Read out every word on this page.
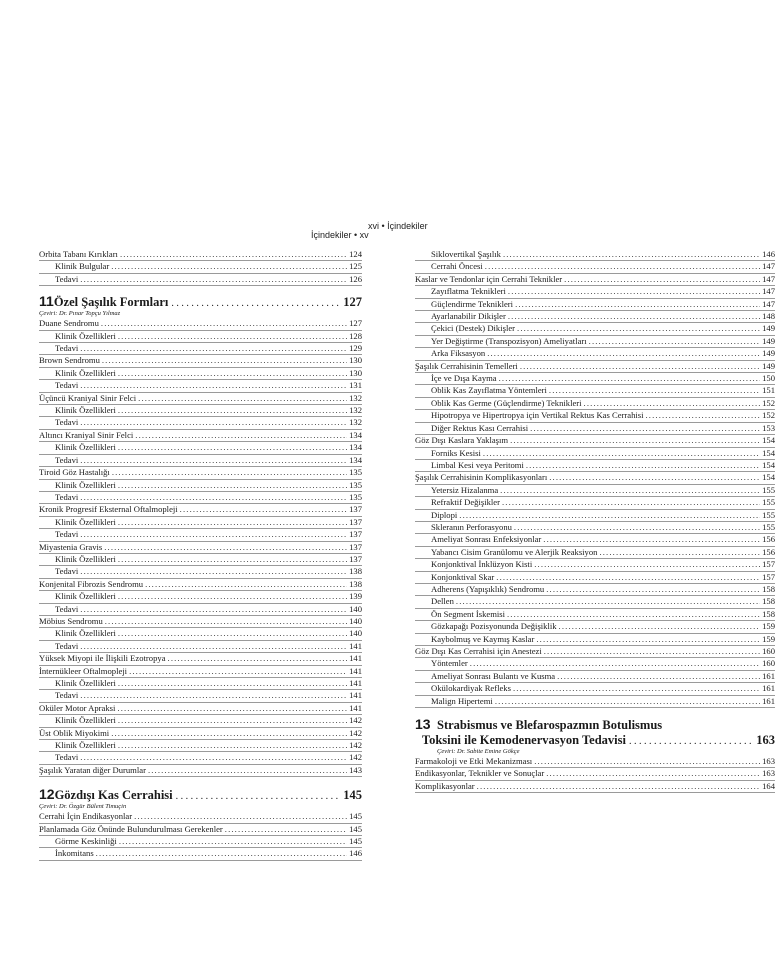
xvi • İçindekiler
İçindekiler • xv
Orbita Tabanı Kırıkları . . .	124
Klinik Bulgular . . .	125
Tedavi . . .	126
11 Özel Şaşılık Formları . . .	127
Çeviri: Dr. Pınar Topçu Yılmaz
Duane Sendromu . . .	127
Klinik Özellikleri . . .	128
Tedavi . . .	129
Brown Sendromu . . .	130
Klinik Özellikleri . . .	130
Tedavi . . .	131
Üçüncü Kraniyal Sinir Felci . . .	132
Klinik Özellikleri . . .	132
Tedavi . . .	132
Altıncı Kraniyal Sinir Felci . . .	134
Klinik Özellikleri . . .	134
Tedavi . . .	134
Tiroid Göz Hastalığı . . .	135
Klinik Özellikleri . . .	135
Tedavi . . .	135
Kronik Progresif Eksternal Oftalmopleji . . .	137
Klinik Özellikleri . . .	137
Tedavi . . .	137
Miyastenia Gravis . . .	137
Klinik Özellikleri . . .	137
Tedavi . . .	138
Konjenital Fibrozis Sendromu . . .	138
Klinik Özellikleri . . .	139
Tedavi . . .	140
Möbius Sendromu . . .	140
Klinik Özellikleri . . .	140
Tedavi . . .	141
Yüksek Miyopi ile İlişkili Ezotropya . . .	141
İnternükleer Oftalmopleji . . .	141
Klinik Özellikleri . . .	141
Tedavi . . .	141
Oküler Motor Apraksi . . .	141
Klinik Özellikleri . . .	142
Üst Oblik Miyokimi . . .	142
Klinik Özellikleri . . .	142
Tedavi . . .	142
Şaşılık Yaratan diğer Durumlar . . .	143
12 Gözdışı Kas Cerrahisi . . .	145
Çeviri: Dr. Özgür Bülent Timuçin
Cerrahi İçin Endikasyonlar . . .	145
Planlamada Göz Önünde Bulundurulması Gerekenler . . .	145
Görme Keskinliği . . .	145
İnkomitans . . .	146
Siklovertikal Şaşılık . . .	146
Cerrahi Öncesi . . .	147
Kaslar ve Tendonlar için Cerrahi Teknikler . . .	147
Zayıflatma Teknikleri . . .	147
Güçlendirme Teknikleri . . .	147
Ayarlanabilir Dikişler . . .	148
Çekici (Destek) Dikişler . . .	149
Yer Değiştirme (Transpozisyon) Ameliyatları . . .	149
Arka Fiksasyon . . .	149
Şaşılık Cerrahisinin Temelleri . . .	149
İçe ve Dışa Kayma . . .	150
Oblik Kas Zayıflatma Yöntemleri . . .	151
Oblik Kas Germe (Güçlendirme) Teknikleri . . .	152
Hipotropya ve Hipertropya için Vertikal Rektus Kas Cerrahisi . . .	152
Diğer Rektus Kası Cerrahisi . . .	153
Göz Dışı Kaslara Yaklaşım . . .	154
Forniks Kesisi . . .	154
Limbal Kesi veya Peritomi . . .	154
Şaşılık Cerrahisinin Komplikasyonları . . .	154
Yetersiz Hizalanma . . .	155
Refraktif Değişikler . . .	155
Diplopi . . .	155
Skleranın Perforasyonu . . .	155
Ameliyat Sonrası Enfeksiyonlar . . .	156
Yabancı Cisim Granülomu ve Alerjik Reaksiyon . . .	156
Konjonktival İnklüzyon Kisti . . .	157
Konjonktival Skar . . .	157
Adherens (Yapışıklık) Sendromu . . .	158
Dellen . . .	158
Ön Segment İskemisi . . .	158
Gözkapağı Pozisyonunda Değişiklik . . .	159
Kaybolmuş ve Kaymış Kaslar . . .	159
Göz Dışı Kas Cerrahisi için Anestezi . . .	160
Yöntemler . . .	160
Ameliyat Sonrası Bulantı ve Kusma . . .	161
Okülokardiyak Refleks . . .	161
Malign Hipertemi . . .	161
13 Strabismus ve Blefarospazmın Botulismus
Toksini ile Kemodenervasyon Tedavisi . . .	163
Çeviri: Dr. Sabite Emine Gökçe
Farmakoloji ve Etki Mekanizması . . .	163
Endikasyonlar, Teknikler ve Sonuçlar . . .	163
Komplikasyonlar . . .	164
